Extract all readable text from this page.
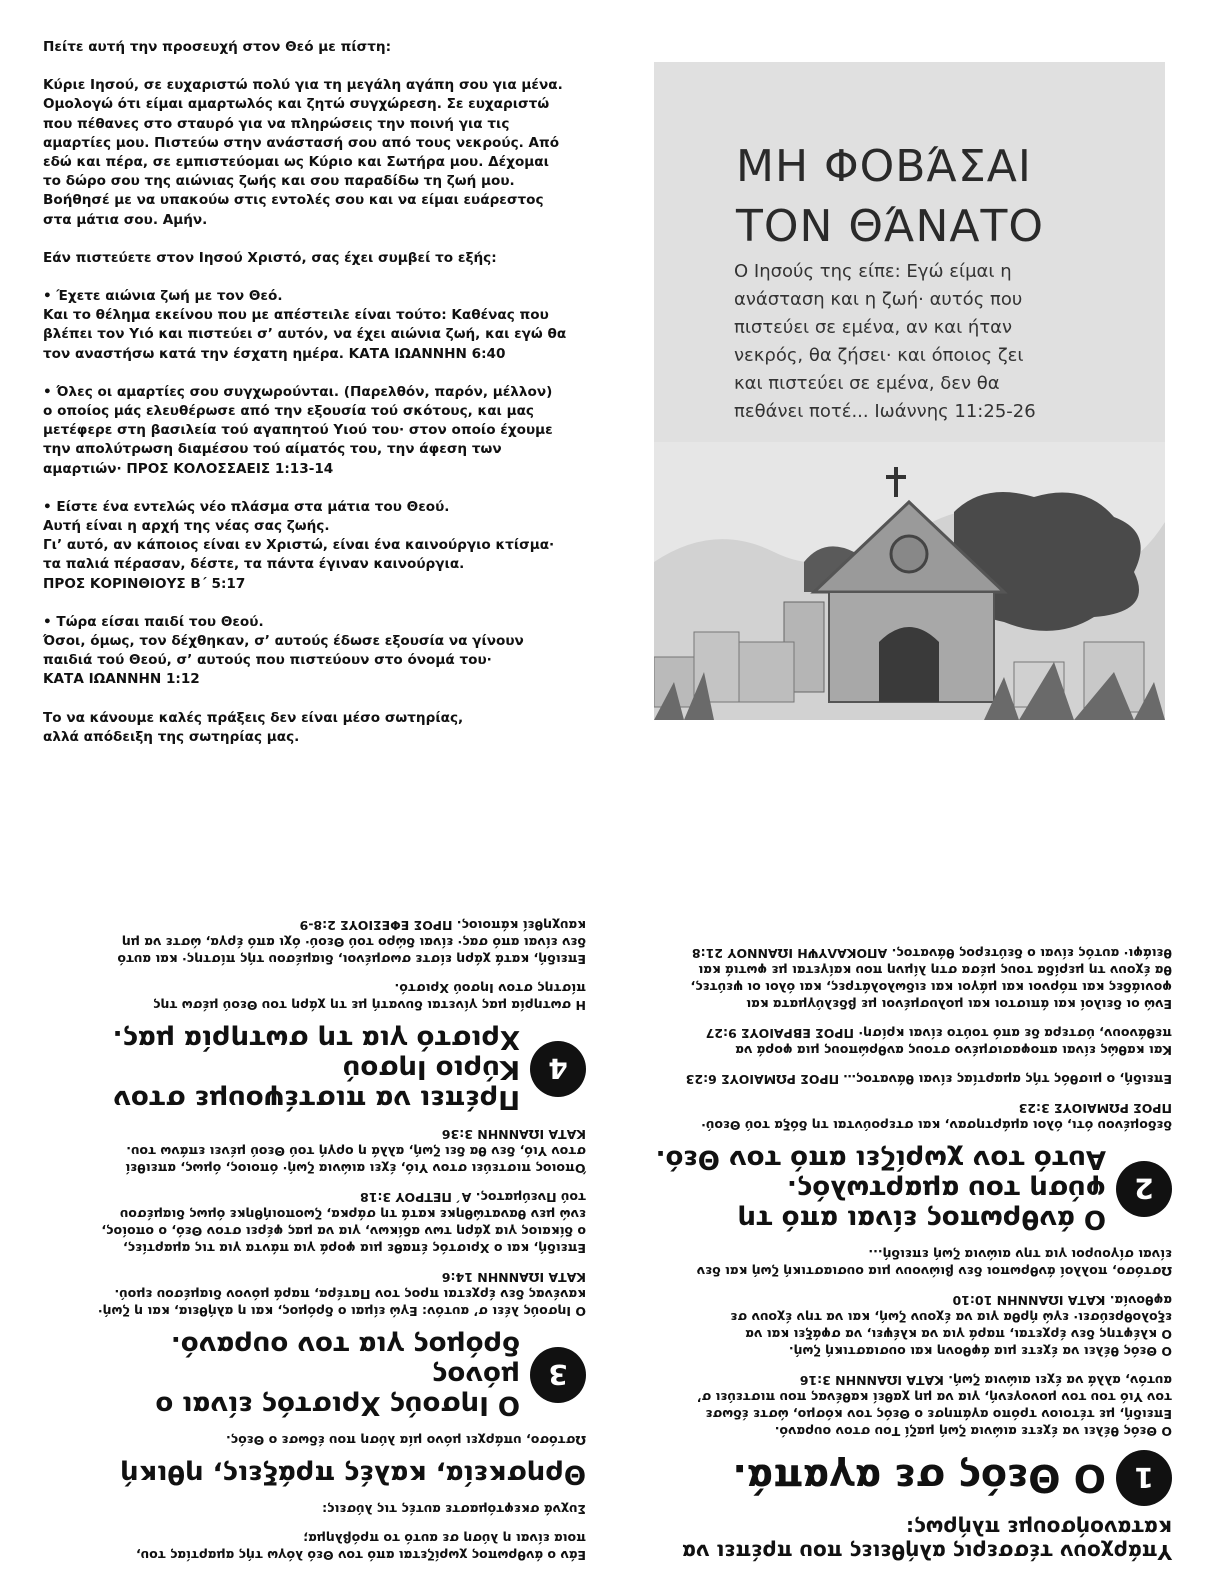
Πείτε αυτή την προσευχή στον Θεό με πίστη:

Κύριε Ιησού, σε ευχαριστώ πολύ για τη μεγάλη αγάπη σου για μένα.
Ομολογώ ότι είμαι αμαρτωλός και ζητώ συγχώρεση. Σε ευχαριστώ
που πέθανες στο σταυρό για να πληρώσεις την ποινή για τις
αμαρτίες μου. Πιστεύω στην ανάστασή σου από τους νεκρούς. Από
εδώ και πέρα, σε εμπιστεύομαι ως Κύριο και Σωτήρα μου. Δέχομαι
το δώρο σου της αιώνιας ζωής και σου παραδίδω τη ζωή μου.
Βοήθησέ με να υπακούω στις εντολές σου και να είμαι ευάρεστος
στα μάτια σου. Αμήν.

Εάν πιστεύετε στον Ιησού Χριστό, σας έχει συμβεί το εξής:

• Έχετε αιώνια ζωή με τον Θεό.
Και το θέλημα εκείνου που με απέστειλε είναι τούτο: Καθένας που
βλέπει τον Υιό και πιστεύει σ’ αυτόν, να έχει αιώνια ζωή, και εγώ θα
τον αναστήσω κατά την έσχατη ημέρα. ΚΑΤΑ ΙΩΑΝΝΗΝ 6:40

• Όλες οι αμαρτίες σου συγχωρούνται. (Παρελθόν, παρόν, μέλλον)
ο οποίος μάς ελευθέρωσε από την εξουσία τού σκότους, και μας
μετέφερε στη βασιλεία τού αγαπητού Υιού του· στον οποίο έχουμε
την απολύτρωση διαμέσου τού αίματός του, την άφεση των
αμαρτιών· ΠΡΟΣ ΚΟΛΟΣΣΑΕΙΣ 1:13-14

• Είστε ένα εντελώς νέο πλάσμα στα μάτια του Θεού.
Αυτή είναι η αρχή της νέας σας ζωής.
Γι’ αυτό, αν κάποιος είναι εν Χριστώ, είναι ένα καινούργιο κτίσμα·
τα παλιά πέρασαν, δέστε, τα πάντα έγιναν καινούργια.
ΠΡΟΣ ΚΟΡΙΝΘΙΟΥΣ Β΄ 5:17

• Τώρα είσαι παιδί του Θεού.
Όσοι, όμως, τον δέχθηκαν, σ’ αυτούς έδωσε εξουσία να γίνουν
παιδιά τού Θεού, σ’ αυτούς που πιστεύουν στο όνομά του·
ΚΑΤΑ ΙΩΑΝΝΗΝ 1:12

Το να κάνουμε καλές πράξεις δεν είναι μέσο σωτηρίας,
αλλά απόδειξη της σωτηρίας μας.

ΜΗ ΦΟΒΆΣΑΙ
ΤΟΝ ΘΆΝΑΤΟ
Ο Ιησούς της είπε: Εγώ είμαι η
ανάσταση και η ζωή· αυτός που
πιστεύει σε εμένα, αν και ήταν
νεκρός, θα ζήσει· και όποιος ζει
και πιστεύει σε εμένα, δεν θα
πεθάνει ποτέ... Ιωάννης 11:25-26
Υπάρχουν τέσσερις αλήθειες που πρέπει να
κατανοήσουμε πλήρως:
1
Ο Θεός σε αγαπά.

Ο Θεός θέλει να έχετε αιώνια ζωή μαζί Του στον ουρανό.
Επειδή, με τέτοιον τρόπο αγάπησε ο Θεός τον κόσμο, ώστε έδωσε
τον Υιό του τον μονογενή, για να μη χαθεί καθένας που πιστεύει σ’
αυτόν, αλλά να έχει αιώνια ζωή. ΚΑΤΑ ΙΩΑΝΝΗΝ 3:16

Ο Θεός θέλει να έχετε μια άφθονη και ουσιαστική ζωή.
Ο κλέφτης δεν έρχεται, παρά για να κλέψει, να σφάξει και να
εξολοθρεύσει· εγώ ήρθα για να έχουν ζωή, και να την έχουν σε
αφθονία. ΚΑΤΑ ΙΩΑΝΝΗΝ 10:10

Ωστόσο, πολλοί άνθρωποι δεν βιώνουν μια ουσιαστική ζωή και δεν
είναι σίγουροι για την αιώνια ζωή επειδή...

2
Ο άνθρωπος είναι από τη φύση του αμαρτωλός.
Αυτό τον χωρίζει από τον Θεό.

δεδομένου ότι, όλοι αμάρτησαν, και στερούνται τη δόξα τού Θεού·
ΠΡΟΣ ΡΩΜΑΙΟΥΣ 3:23

Επειδή, ο μισθός τής αμαρτίας είναι θάνατος… ΠΡΟΣ ΡΩΜΑΙΟΥΣ 6:23

Και καθώς είναι αποφασισμένο στους ανθρώπους μια φορά να
πεθάνουν, ύστερα δε από τούτο είναι κρίση· ΠΡΟΣ ΕΒΡΑΙΟΥΣ 9:27

Ενώ οι δειλοί και άπιστοι και μολυσμένοι με βδελύγματα και
φονιάδες και πόρνοι και μάγοι και ειδωλολάτρες, και όλοι οι ψεύτες,
θα έχουν τη μερίδα τους μέσα στη λίμνη που καίγεται με φωτιά και
θειάφι· αυτός είναι ο δεύτερος θάνατος. ΑΠΟΚΑΛΥΨΗ ΙΩΑΝΝΟΥ 21:8

Εάν ο άνθρωπος χωρίζεται από τον Θεό λόγω τής αμαρτίας του,
ποια είναι η λύση σε αυτό το πρόβλημα;

Συχνά σκεφτόμαστε αυτές τις λύσεις:

Θρησκεία, καλές πράξεις, ηθική

Ωστόσο, υπάρχει μόνο μία λύση που έδωσε ο Θεός.

3
Ο Ιησούς Χριστός είναι ο μόνος
δρόμος για τον ουρανό.

Ο Ιησούς λέει σ’ αυτόν: Εγώ είμαι ο δρόμος, και η αλήθεια, και η ζωή·
κανένας δεν έρχεται προς τον Πατέρα, παρά μόνον διαμέσου εμού.
ΚΑΤΑ ΙΩΑΝΝΗΝ 14:6

Επειδή, και ο Χριστός έπαθε μια φορά για πάντα για τις αμαρτίες,
ο δίκαιος για χάρη των αδίκων, για να μας φέρει στον Θεό, ο οποίος,
ενώ μεν θανατώθηκε κατά τη σάρκα, ζωοποιήθηκε όμως διαμέσου
τού Πνεύματος. Α΄ ΠΕΤΡΟΥ 3:18

Όποιος πιστεύει στον Υιό, έχει αιώνια ζωή· όποιος, όμως, απειθεί
στον Υιό, δεν θα δει ζωή, αλλά η οργή τού Θεού μένει επάνω του.
ΚΑΤΑ ΙΩΑΝΝΗΝ 3:36

4
Πρέπει να πιστέψουμε στον Κύριο Ιησού
Χριστό για τη σωτηρία μας.

Η σωτηρία μας γίνεται δυνατή με τη χάρη του Θεού μέσω της
πίστης στον Ιησού Χριστό.

Επειδή, κατά χάρη είστε σωσμένοι, διαμέσου τής πίστης· και αυτό
δεν είναι από σας· είναι δώρο τού Θεού· όχι από έργα, ώστε να μη
καυχηθεί κάποιος. ΠΡΟΣ ΕΦΕΣΙΟΥΣ 2:8-9
